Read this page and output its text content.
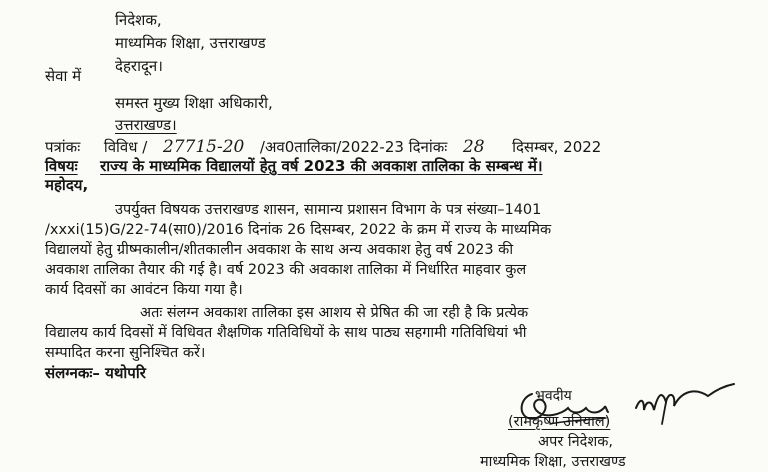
निदेशक,
माध्यमिक शिक्षा, उत्तराखण्ड
देहरादून।
सेवा में
समस्त मुख्य शिक्षा अधिकारी,
उत्तराखण्ड।
पत्रांकः विविध / 27715-20 /अव0तालिका/2022-23 दिनांकः 28 दिसम्बर, 2022
विषयः राज्य के माध्यमिक विद्यालयों हेतु वर्ष 2023 की अवकाश तालिका के सम्बन्ध में।
महोदय,
उपर्युक्त विषयक उत्तराखण्ड शासन, सामान्य प्रशासन विभाग के पत्र संख्या–1401
/xxxi(15)G/22-74(सा0)/2016 दिनांक 26 दिसम्बर, 2022 के क्रम में राज्य के माध्यमिक
विद्यालयों हेतु ग्रीष्मकालीन/शीतकालीन अवकाश के साथ अन्य अवकाश हेतु वर्ष 2023 की
अवकाश तालिका तैयार की गई है। वर्ष 2023 की अवकाश तालिका में निर्धारित माहवार कुल
कार्य दिवसों का आवंटन किया गया है।
अतः संलग्न अवकाश तालिका इस आशय से प्रेषित की जा रही है कि प्रत्येक
विद्यालय कार्य दिवसों में विधिवत शैक्षणिक गतिविधियों के साथ पाठ्य सहगामी गतिविधियां भी
सम्पादित करना सुनिश्चित करें।
संलग्नकः– यथोपरि
भवदीय
(रामकृष्ण उनियाल)
अपर निदेशक,
माध्यमिक शिक्षा, उत्तराखण्ड
